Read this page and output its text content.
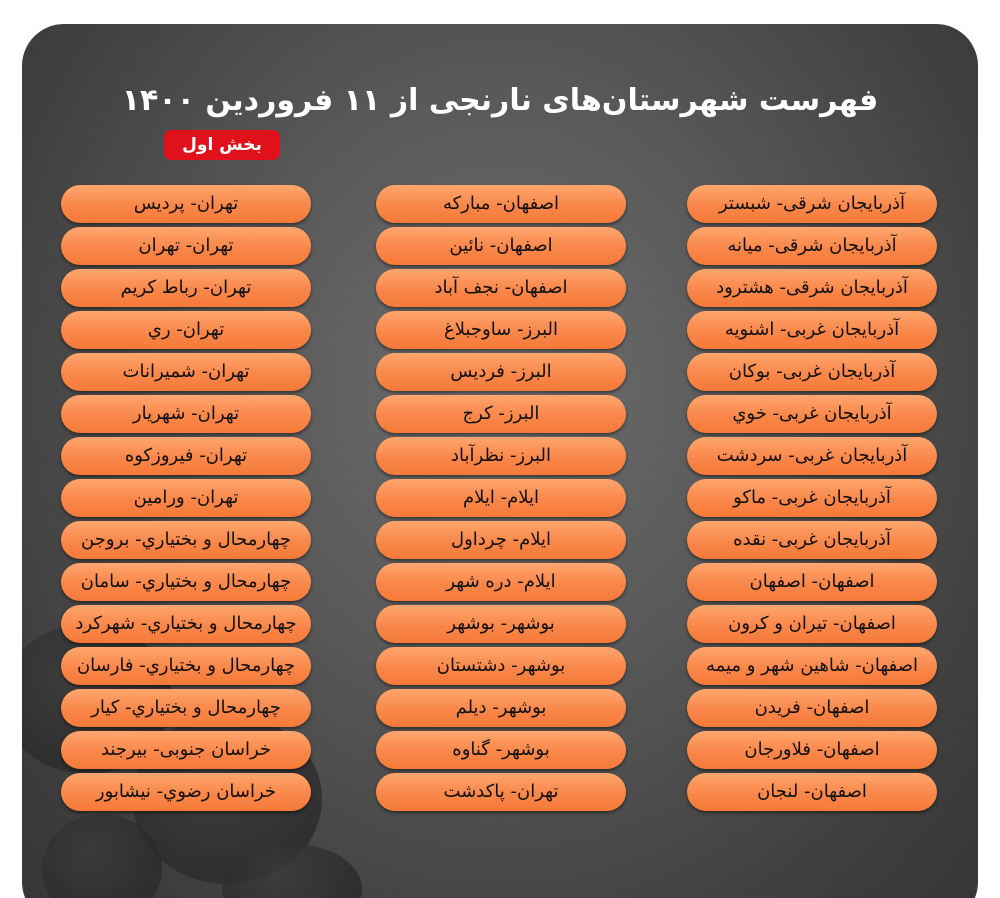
فهرست شهرستان‌های نارنجی از ۱۱ فروردین ۱۴۰۰
بخش اول
آذربایجان شرقی- شبستر
آذربایجان شرقی- میانه
آذربایجان شرقی- هشترود
آذربایجان غربی- اشنویه
آذربایجان غربی- بوکان
آذربایجان غربی- خوي
آذربایجان غربی- سردشت
آذربایجان غربی- ماکو
آذربایجان غربی- نقده
اصفهان- اصفهان
اصفهان- تیران و کرون
اصفهان- شاهین شهر و میمه
اصفهان- فریدن
اصفهان- فلاورجان
اصفهان- لنجان
اصفهان- مبارکه
اصفهان- نائین
اصفهان- نجف آباد
البرز- ساوجبلاغ
البرز- فردیس
البرز- کرج
البرز- نظرآباد
ایلام- ایلام
ایلام- چرداول
ایلام- دره شهر
بوشهر- بوشهر
بوشهر- دشتستان
بوشهر- دیلم
بوشهر- گناوه
تهران- پاکدشت
تهران- پردیس
تهران- تهران
تهران- رباط کریم
تهران- ري
تهران- شمیرانات
تهران- شهریار
تهران- فیروزکوه
تهران- ورامین
چهارمحال و بختیاري- بروجن
چهارمحال و بختیاري- سامان
چهارمحال و بختیاري- شهرکرد
چهارمحال و بختیاري- فارسان
چهارمحال و بختیاري- کیار
خراسان جنوبی- بیرجند
خراسان رضوي- نیشابور
